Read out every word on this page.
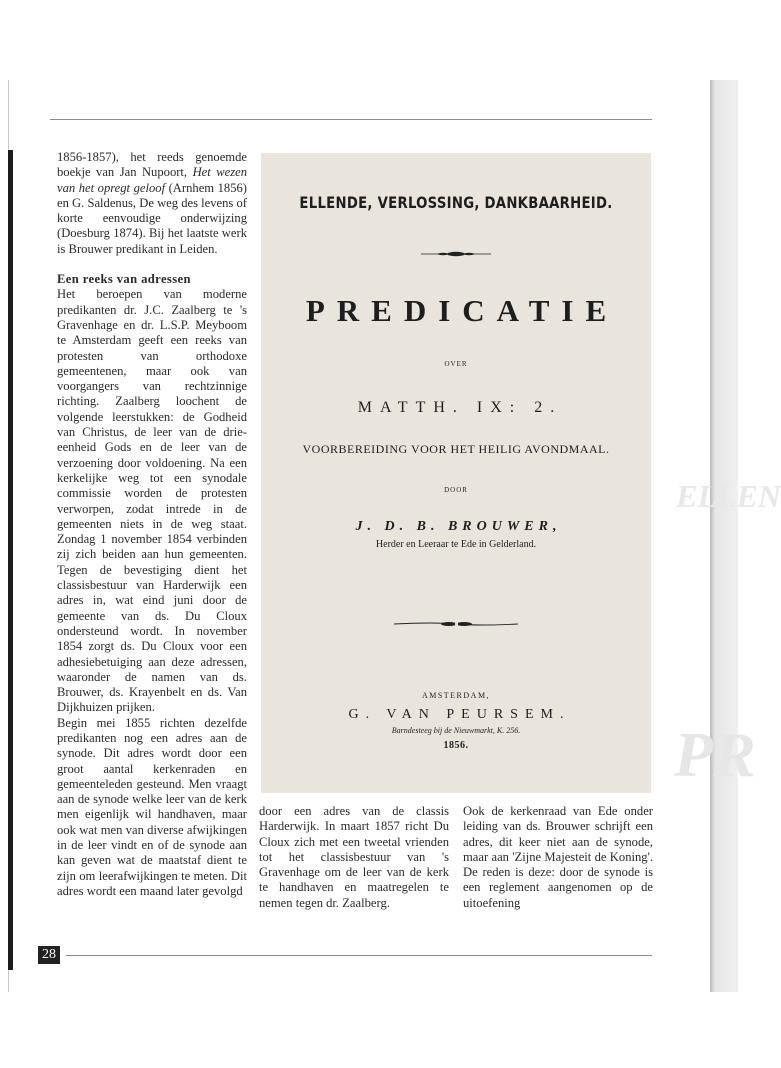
ELLEN
PR

1856-1857), het reeds genoemde boekje van Jan Nupoort, Het wezen van het opregt geloof (Arnhem 1856) en G. Saldenus, De weg des levens of korte eenvoudige onderwijzing (Doesburg 1874). Bij het laatste werk is Brouwer predikant in Leiden.

Een reeks van adressen

Het beroepen van moderne predikanten dr. J.C. Zaalberg te 's Gravenhage en dr. L.S.P. Meyboom te Amsterdam geeft een reeks van protesten van orthodoxe gemeentenen, maar ook van voorgangers van rechtzinnige richting. Zaalberg loochent de volgende leerstukken: de Godheid van Christus, de leer van de drie-eenheid Gods en de leer van de verzoening door voldoening. Na een kerkelijke weg tot een synodale commissie worden de protesten verworpen, zodat intrede in de gemeenten niets in de weg staat. Zondag 1 november 1854 verbinden zij zich beiden aan hun gemeenten. Tegen de bevestiging dient het classisbestuur van Harderwijk een adres in, wat eind juni door de gemeente van ds. Du Cloux ondersteund wordt. In november 1854 zorgt ds. Du Cloux voor een adhesiebetuiging aan deze adressen, waaronder de namen van ds. Brouwer, ds. Krayenbelt en ds. Van Dijkhuizen prijken.

Begin mei 1855 richten dezelfde predikanten nog een adres aan de synode. Dit adres wordt door een groot aantal kerkenraden en gemeenteleden gesteund. Men vraagt aan de synode welke leer van de kerk men eigenlijk wil handhaven, maar ook wat men van diverse afwijkingen in de leer vindt en of de synode aan kan geven wat de maatstaf dient te zijn om leerafwijkingen te meten. Dit adres wordt een maand later gevolgd

ELLENDE, VERLOSSING, DANKBAARHEID.
PREDICATIE
OVER
MATTH. IX: 2.
VOORBEREIDING VOOR HET HEILIG AVONDMAAL.
DOOR
J. D. B. BROUWER,
Herder en Leeraar te Ede in Gelderland.
AMSTERDAM,
G. VAN PEURSEM.
Barndesteeg bij de Nieuwmarkt, K. 256.
1856.

door een adres van de classis Harderwijk. In maart 1857 richt Du Cloux zich met een tweetal vrienden tot het classisbestuur van 's Gravenhage om de leer van de kerk te handhaven en maatregelen te nemen tegen dr. Zaalberg.

Ook de kerkenraad van Ede onder leiding van ds. Brouwer schrijft een adres, dit keer niet aan de synode, maar aan 'Zijne Majesteit de Koning'. De reden is deze: door de synode is een reglement aangenomen op de uitoefening

28
